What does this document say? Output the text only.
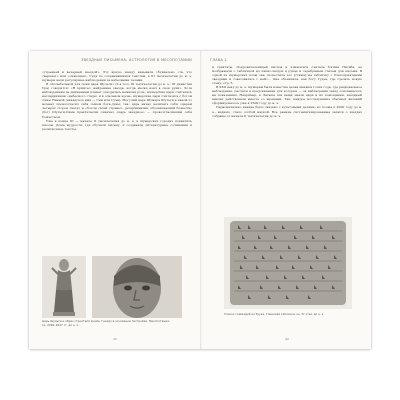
ЗВЁЗДНЫЕ ПИСЬМЕНА: АСТРОЛОГИЯ В МЕСОПОТАМИИ

«утренней и вечерней звездой». Эту яркую звезду называли «буквально «та, что сверкает» или «сияющая». Судя по сохранившимся текстам, в III тысячелетии до н. э. шумеры вели регулярные наблюдения за небесными телами.

В «Колыбельной для сына царя Шульги» (2-я пол. III тысячелетия до н. э., III династия Ура) говорится: «Я принтес, найденная звезда, когда месяц взял в свои руки». Хотя наблюдениям за движением планет отводилась немалая роль, шумерские цари считались наследниками «небесного стада» и в основном кровь, шумерские цари считались с богом Луны Нанной (аккадское имя — Син или Суэн). Могучий царь Шумера Шульги в какой-то момент провозгласил себя сыном бога-луны; так, царь начал величать себя «царём четырёх сторон света» и «богом своей страны», детерминатив, обозначающий божество (бог) Шульги-Сима практически означал «царь звёздное» — провозгласившим себя божеством.

Уже в конце III — начале II тысячелетия до н. э. в шумерских городах появились школы. Дома мудрости, где обучали письму, и создавали литературные сочинения и религиозные тексты.

Царь Шульги и образ строителя храма. Гнездо в основании постройки. Месопотамия, ок. 2094–2047 гг. до н. э.
21
ГЛАВА 1

и трактаты. Покровительницей писцов и клинописи считала богиня Нисаба, ее изображали с табличкой из ляпис-лазури в руках и серебряным стилем для письма. В одной из шумерских поэм она «повестила его [стяжа] на табличку с благоприятными звёздами и советовалась с ней»... Она объявляла, как богу Гудеа, где сделать новую стену, стр. 5.

В XXII веку до н. э. шумерам была известна целая книжка точек года, где рациональное наблюдение, расчёты в предсказании для которых — за наблюдения звёзд основывалось на показаниях. Например, в Лагаше эти вещи знали цари и их помощники, звёздный анализ действовали вместе со жрецами. Так, каждое исследование обычных явлений сформировалось уже к 2500 году до н. э.

Первоначально знание было связано с культовыми делами, но позже к 2000 году до н. э., видимо, стало особой наукой. Все ранние систематизированные записи о звёздах собраны от начала II тысячелетия до н. э.

Список созвездий из Урука. Глиняная табличка, ок. IV–V вв. до н. э.
22
